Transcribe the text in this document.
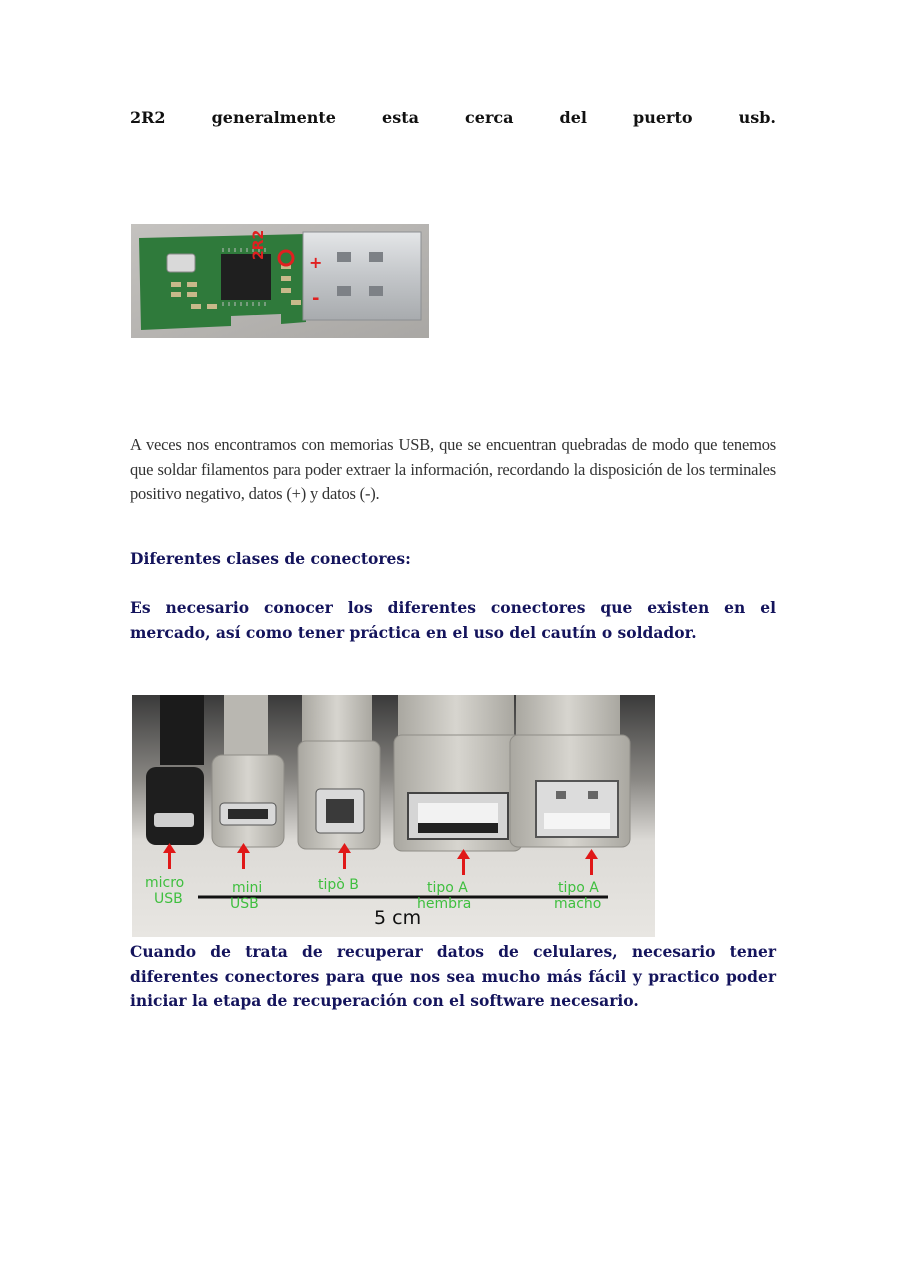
2R2	generalmente	esta	cerca	del	puerto	usb.
2R2
+
-
A veces nos encontramos con memorias USB, que se encuentran quebradas de modo que tenemos que soldar filamentos para poder extraer la información, recordando la disposición de los terminales positivo negativo, datos (+) y datos (-).
Diferentes clases de conectores:
Es necesario conocer los diferentes conectores que existen en el mercado, así como tener práctica en el uso del cautín o soldador.
micro
USB
mini
USB
tipò B	tipo A
hembra
tipo A
macho
5 cm
Cuando de trata de recuperar datos de celulares, necesario tener diferentes conectores para que nos sea mucho más fácil y practico poder iniciar la etapa de recuperación con el software necesario.
